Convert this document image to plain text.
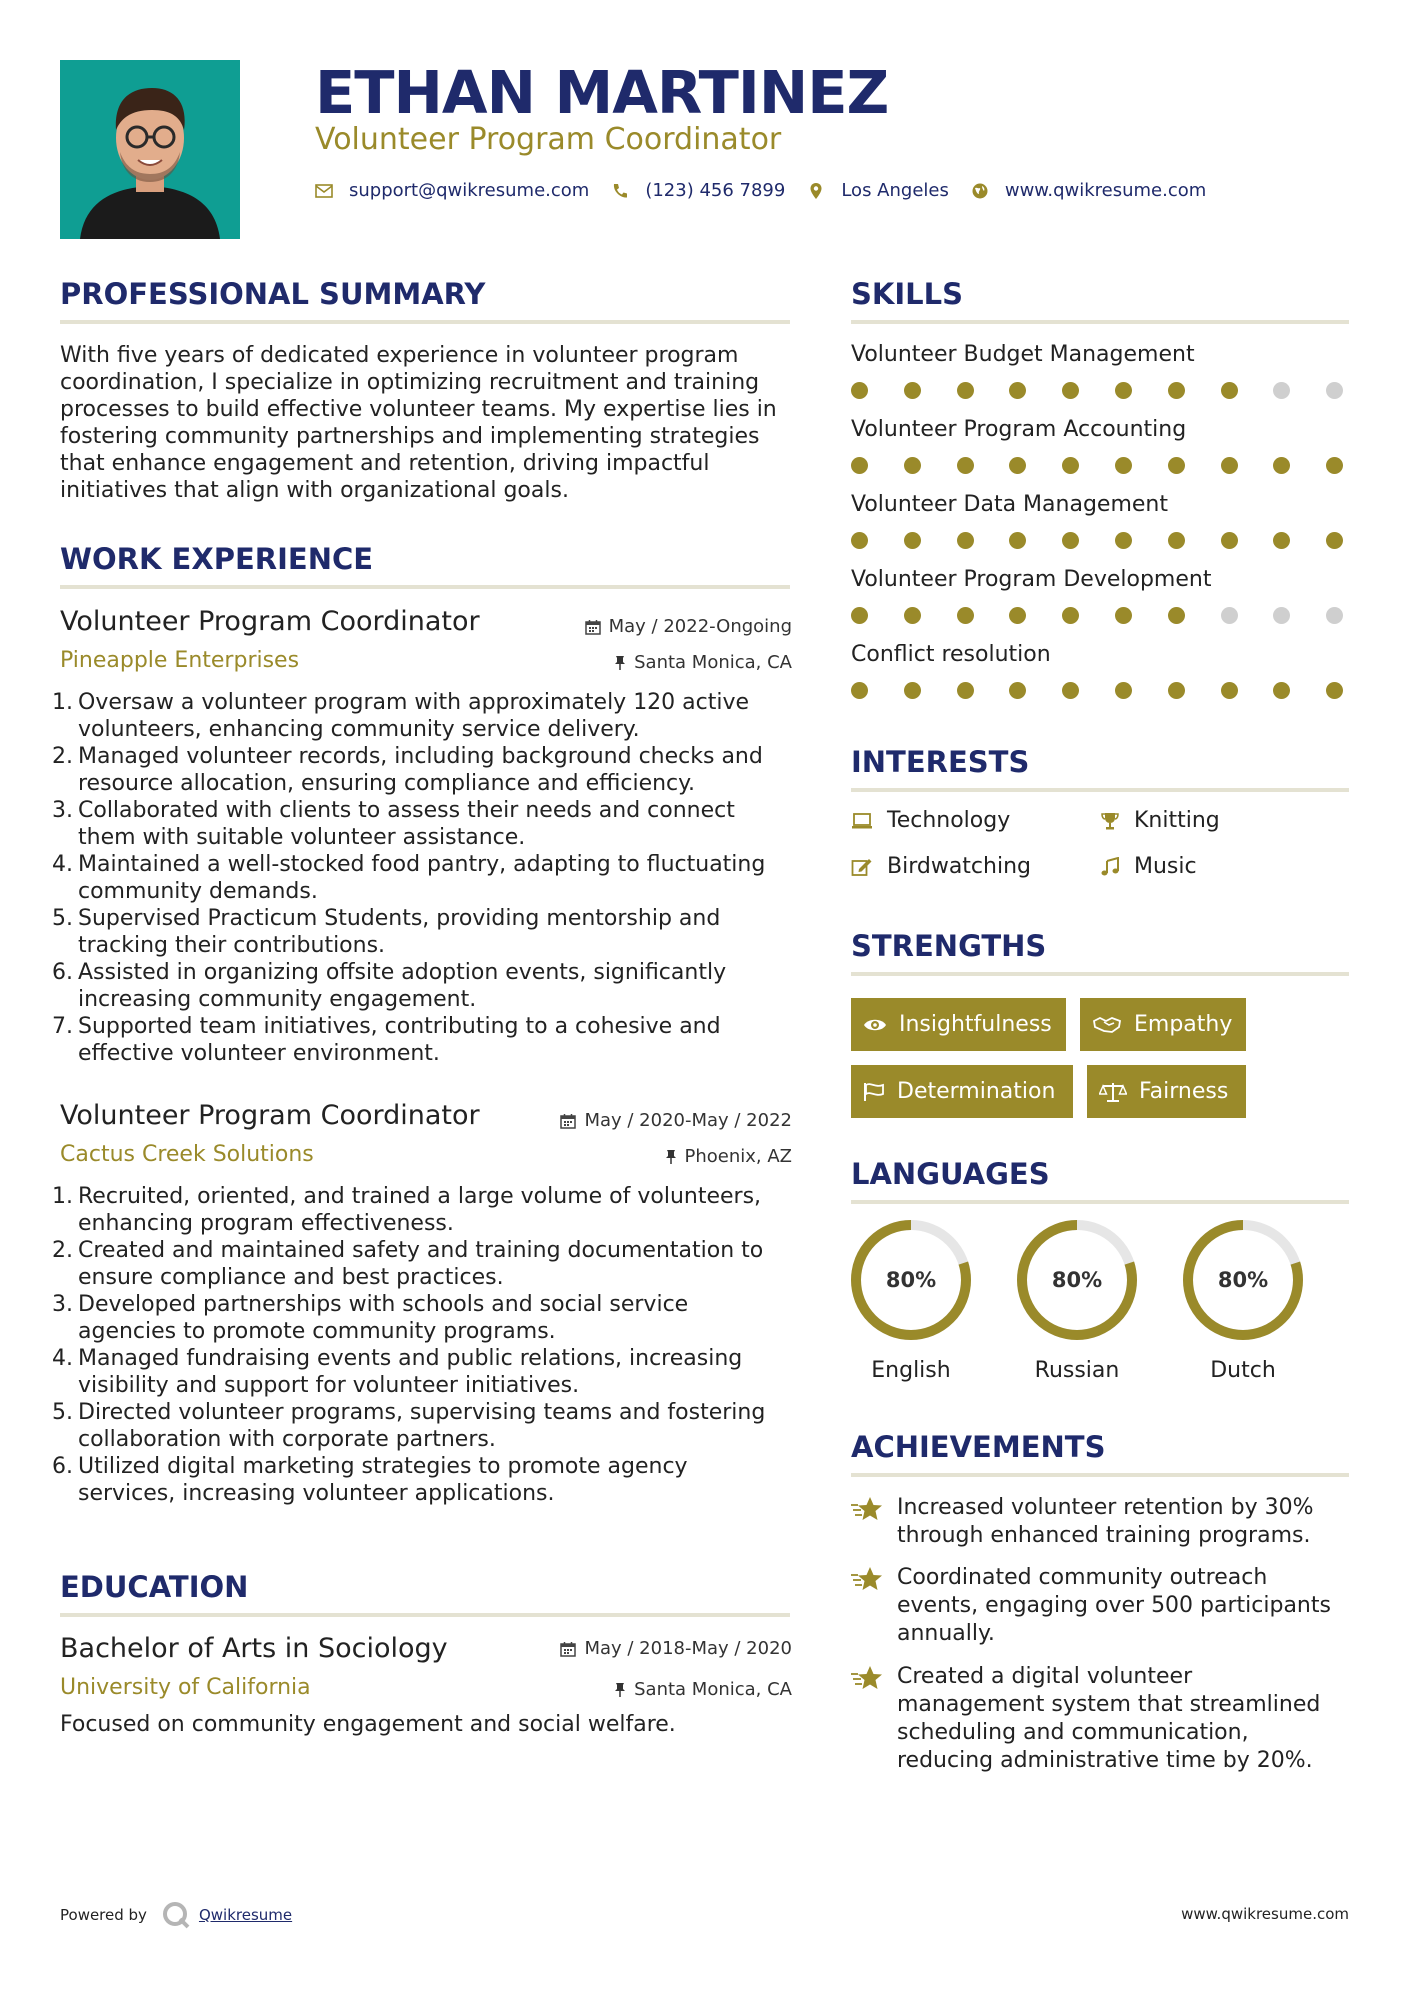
ETHAN MARTINEZ
Volunteer Program Coordinator
support@qwikresume.com	(123) 456 7899	Los Angeles	www.qwikresume.com
PROFESSIONAL SUMMARY
With five years of dedicated experience in volunteer program
coordination, I specialize in optimizing recruitment and training
processes to build effective volunteer teams. My expertise lies in
fostering community partnerships and implementing strategies
that enhance engagement and retention, driving impactful
initiatives that align with organizational goals.
WORK EXPERIENCE
Volunteer Program Coordinator	May / 2022-Ongoing
Pineapple Enterprises	Santa Monica, CA
1. Oversaw a volunteer program with approximately 120 active
volunteers, enhancing community service delivery.
2. Managed volunteer records, including background checks and
resource allocation, ensuring compliance and efficiency.
3. Collaborated with clients to assess their needs and connect
them with suitable volunteer assistance.
4. Maintained a well-stocked food pantry, adapting to fluctuating
community demands.
5. Supervised Practicum Students, providing mentorship and
tracking their contributions.
6. Assisted in organizing offsite adoption events, significantly
increasing community engagement.
7. Supported team initiatives, contributing to a cohesive and
effective volunteer environment.
Volunteer Program Coordinator	May / 2020-May / 2022
Cactus Creek Solutions	Phoenix, AZ
1. Recruited, oriented, and trained a large volume of volunteers,
enhancing program effectiveness.
2. Created and maintained safety and training documentation to
ensure compliance and best practices.
3. Developed partnerships with schools and social service
agencies to promote community programs.
4. Managed fundraising events and public relations, increasing
visibility and support for volunteer initiatives.
5. Directed volunteer programs, supervising teams and fostering
collaboration with corporate partners.
6. Utilized digital marketing strategies to promote agency
services, increasing volunteer applications.
EDUCATION
Bachelor of Arts in Sociology	May / 2018-May / 2020
University of California	Santa Monica, CA
Focused on community engagement and social welfare.
SKILLS
Volunteer Budget Management
Volunteer Program Accounting
Volunteer Data Management
Volunteer Program Development
Conflict resolution
INTERESTS
Technology	Knitting
Birdwatching	Music
STRENGTHS
Insightfulness	Empathy
Determination	Fairness
LANGUAGES
80%
English
80%
Russian
80%
Dutch
ACHIEVEMENTS
Increased volunteer retention by 30%
through enhanced training programs.
Coordinated community outreach
events, engaging over 500 participants
annually.
Created a digital volunteer
management system that streamlined
scheduling and communication,
reducing administrative time by 20%.
Powered by	Qwikresume	www.qwikresume.com
